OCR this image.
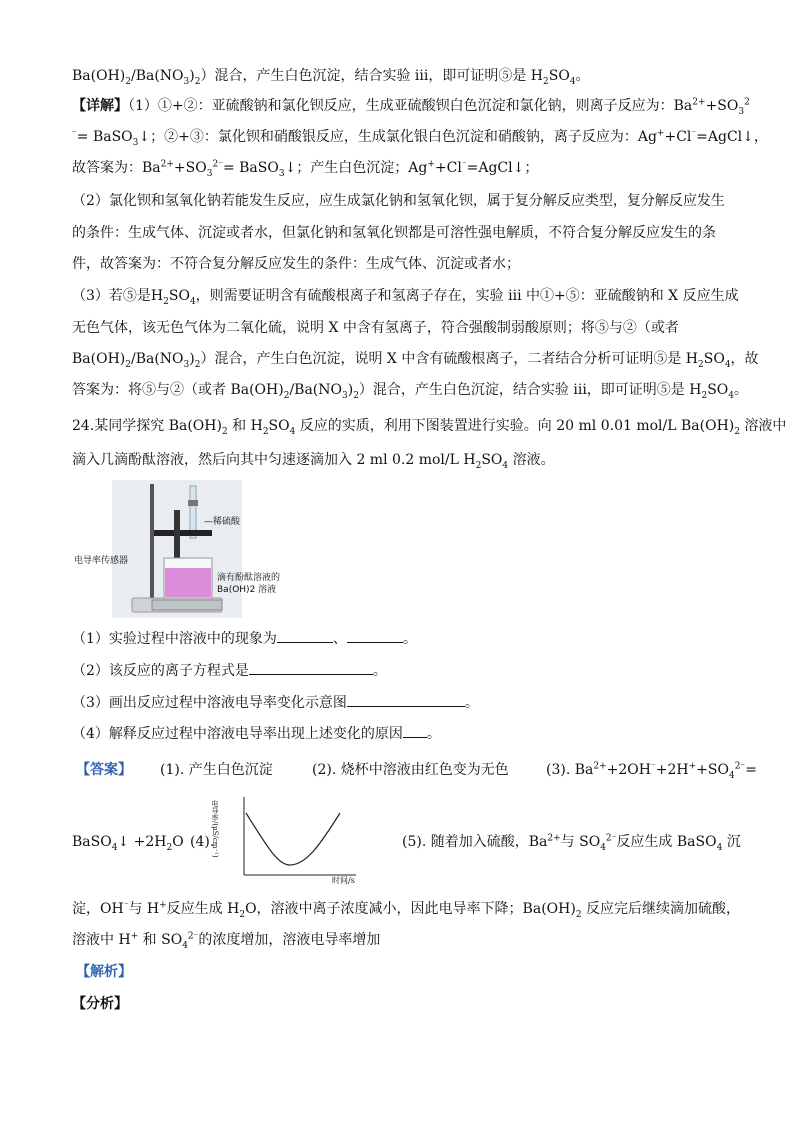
$Ba(OH)_2/Ba(NO_3)_2$）混合，产生白色沉淀，结合实验 iii，即可证明⑤是 $H_2SO_4$。
【详解】（1）①+②：亚硫酸钠和氯化钡反应，生成亚硫酸钡白色沉淀和氯化钠，则离子反应为：$Ba^{2+}+SO_3^2$
⁻= BaSO$_3$↓；②+③：氯化钡和硝酸银反应，生成氯化银白色沉淀和硝酸钠，离子反应为：Ag++Cl⁻=AgCl↓，
故答案为：$Ba^{2+}+SO_3^{2^-}=$ BaSO$_3$↓；产生白色沉淀；Ag++Cl⁻=AgCl↓；
（2）氯化钡和氢氧化钠若能发生反应，应生成氯化钠和氢氧化钡，属于复分解反应类型，复分解反应发生
的条件：生成气体、沉淀或者水，但氯化钠和氢氧化钡都是可溶性强电解质，不符合复分解反应发生的条
件，故答案为：不符合复分解反应发生的条件：生成气体、沉淀或者水；
（3）若⑤是$H_2SO_4$，则需要证明含有硫酸根离子和氢离子存在，实验 iii 中①+⑤：亚硫酸钠和 X 反应生成
无色气体，该无色气体为二氧化硫，说明 X 中含有氢离子，符合强酸制弱酸原则；将⑤与②（或者
$Ba(OH)_2/Ba(NO_3)_2$）混合，产生白色沉淀，说明 X 中含有硫酸根离子，二者结合分析可证明⑤是 $H_2SO_4$，故
答案为：将⑤与②（或者 $Ba(OH)_2/Ba(NO_3)_2$）混合，产生白色沉淀，结合实验 iii，即可证明⑤是 $H_2SO_4$。
24.某同学探究 $Ba(OH)_2$ 和 $H_2SO_4$ 反应的实质，利用下图装置进行实验。向 20 ml 0.01 mol/L $Ba(OH)_2$ 溶液中
滴入几滴酚酞溶液，然后向其中匀速逐滴加入 2 ml 0.2 mol/L $H_2SO_4$ 溶液。
—稀硫酸
电导率传感器
滴有酚酞溶液的
Ba(OH)2 溶液
（1）实验过程中溶液中的现象为	、	。
（2）该反应的离子方程式是	。
（3）画出反应过程中溶液电导率变化示意图	。
（4）解释反应过程中溶液电导率出现上述变化的原因 。
【答案】 (1). 产生白色沉淀	(2). 烧杯中溶液由红色变为无色	(3). $Ba^{2+}+2OH^{^-}+2H^++SO_4^{2^-}=$
BaSO$_4$↓ $+2H_2O$ (4).
电导率/(μS/cm⁻¹)
时间/s
(5). 随着加入硫酸，$Ba^{2+}$与 $SO_4^{2^-}$反应生成 BaSO$_4$ 沉
淀，OH⁻与 H+反应生成 $H_2O$，溶液中离子浓度减小，因此电导率下降；$Ba(OH)_2$ 反应完后继续滴加硫酸，
溶液中 H+ 和 $SO_4^{2^-}$的浓度增加，溶液电导率增加
【解析】
【分析】
